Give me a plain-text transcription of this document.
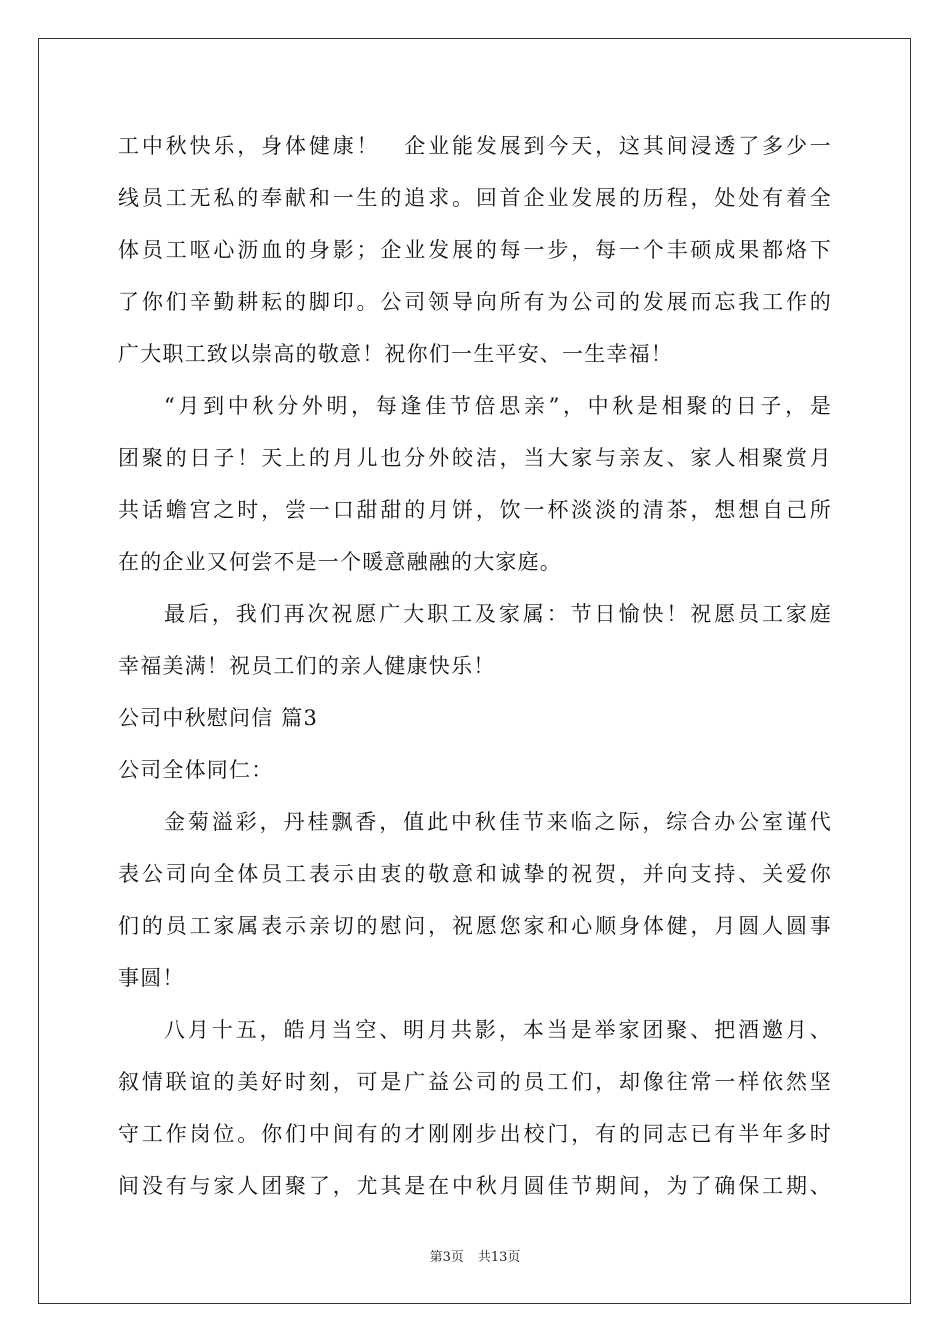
工中秋快乐，身体健康！　企业能发展到今天，这其间浸透了多少一
线员工无私的奉献和一生的追求。回首企业发展的历程，处处有着全
体员工呕心沥血的身影；企业发展的每一步，每一个丰硕成果都烙下
了你们辛勤耕耘的脚印。公司领导向所有为公司的发展而忘我工作的
广大职工致以崇高的敬意！祝你们一生平安、一生幸福！
“月到中秋分外明，每逢佳节倍思亲”，中秋是相聚的日子，是
团聚的日子！天上的月儿也分外皎洁，当大家与亲友、家人相聚赏月
共话蟾宫之时，尝一口甜甜的月饼，饮一杯淡淡的清茶，想想自己所
在的企业又何尝不是一个暖意融融的大家庭。
最后，我们再次祝愿广大职工及家属：节日愉快！祝愿员工家庭
幸福美满！祝员工们的亲人健康快乐！
公司中秋慰问信 篇3
公司全体同仁：
金菊溢彩，丹桂飘香，值此中秋佳节来临之际，综合办公室谨代
表公司向全体员工表示由衷的敬意和诚挚的祝贺，并向支持、关爱你
们的员工家属表示亲切的慰问，祝愿您家和心顺身体健，月圆人圆事
事圆！
八月十五，皓月当空、明月共影，本当是举家团聚、把酒邀月、
叙情联谊的美好时刻，可是广益公司的员工们，却像往常一样依然坚
守工作岗位。你们中间有的才刚刚步出校门，有的同志已有半年多时
间没有与家人团聚了，尤其是在中秋月圆佳节期间，为了确保工期、
第3页 共13页
